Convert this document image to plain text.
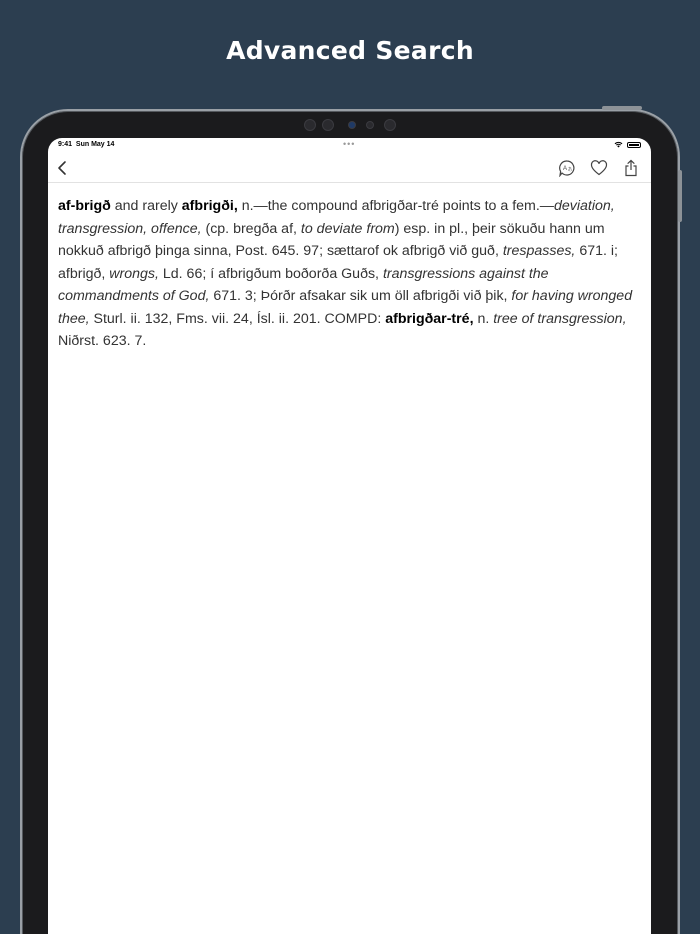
Advanced Search
9:41 Sun May 14	•••
A あ
af-brigð and rarely afbrigði, n.—the compound afbrigðar-tré points to a fem.—deviation, transgression, offence, (cp. bregða af, to deviate from) esp. in pl., þeir sökuðu hann um nokkuð afbrigð þinga sinna, Post. 645. 97; sættarof ok afbrigð við guð, trespasses, 671. i; afbrigð, wrongs, Ld. 66; í afbrigðum boðorða Guðs, transgressions against the commandments of God, 671. 3; Þórðr afsakar sik um öll afbrigði við þik, for having wronged thee, Sturl. ii. 132, Fms. vii. 24, Ísl. ii. 201. COMPD: afbrigðar-tré, n. tree of transgression, Niðrst. 623. 7.
